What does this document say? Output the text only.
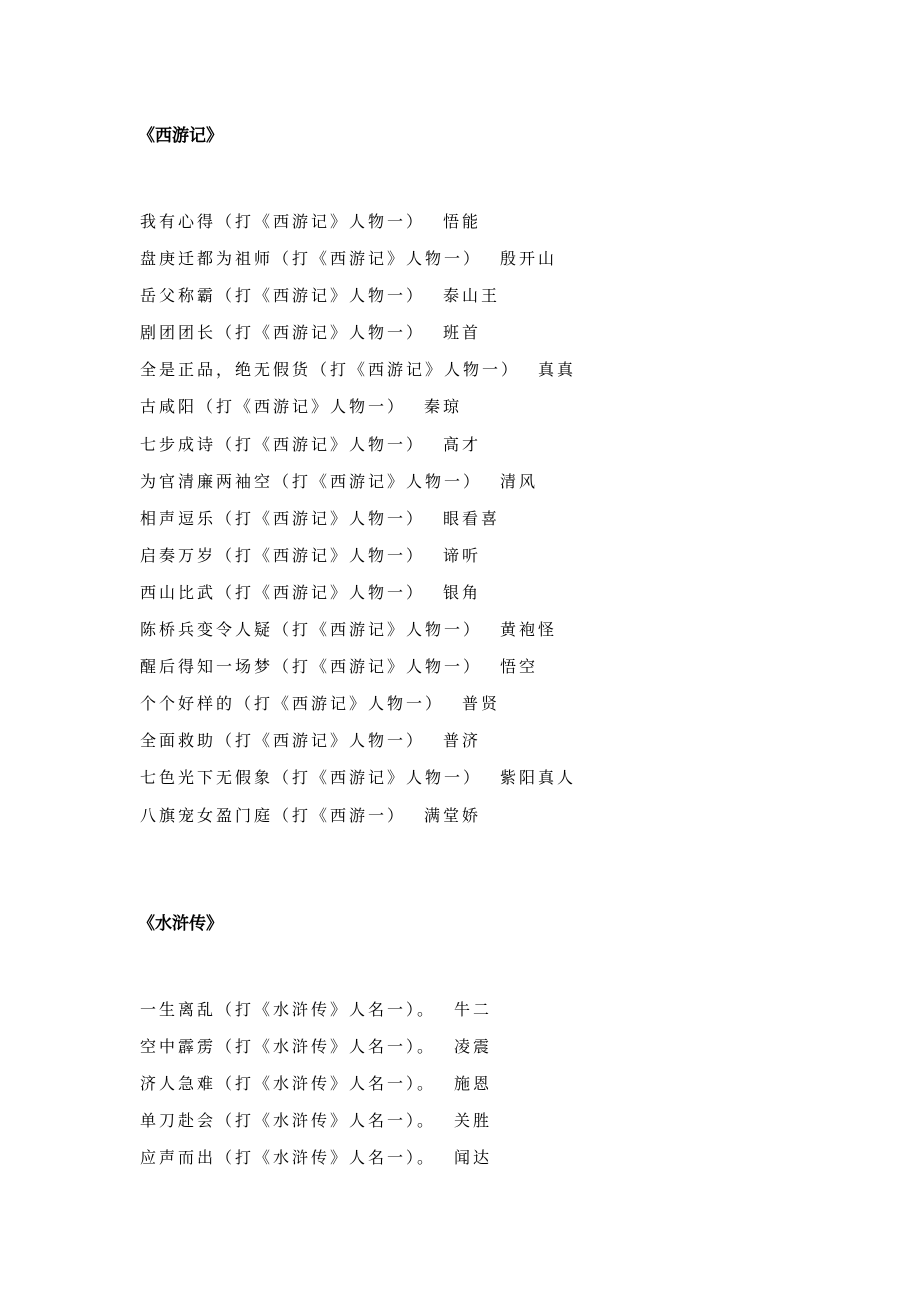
《西游记》
我有心得（打《西游记》人物一） 悟能
盘庚迁都为祖师（打《西游记》人物一） 殷开山
岳父称霸（打《西游记》人物一） 泰山王
剧团团长（打《西游记》人物一） 班首
全是正品，绝无假货（打《西游记》人物一） 真真
古咸阳（打《西游记》人物一） 秦琼
七步成诗（打《西游记》人物一） 高才
为官清廉两袖空（打《西游记》人物一） 清风
相声逗乐（打《西游记》人物一） 眼看喜
启奏万岁（打《西游记》人物一） 谛听
西山比武（打《西游记》人物一） 银角
陈桥兵变令人疑（打《西游记》人物一） 黄袍怪
醒后得知一场梦（打《西游记》人物一） 悟空
个个好样的（打《西游记》人物一） 普贤
全面救助（打《西游记》人物一） 普济
七色光下无假象（打《西游记》人物一） 紫阳真人
八旗宠女盈门庭（打《西游一） 满堂娇
《水浒传》
一生离乱（打《水浒传》人名一）。 牛二
空中霹雳（打《水浒传》人名一）。 凌震
济人急难（打《水浒传》人名一）。 施恩
单刀赴会（打《水浒传》人名一）。 关胜
应声而出（打《水浒传》人名一）。 闻达
